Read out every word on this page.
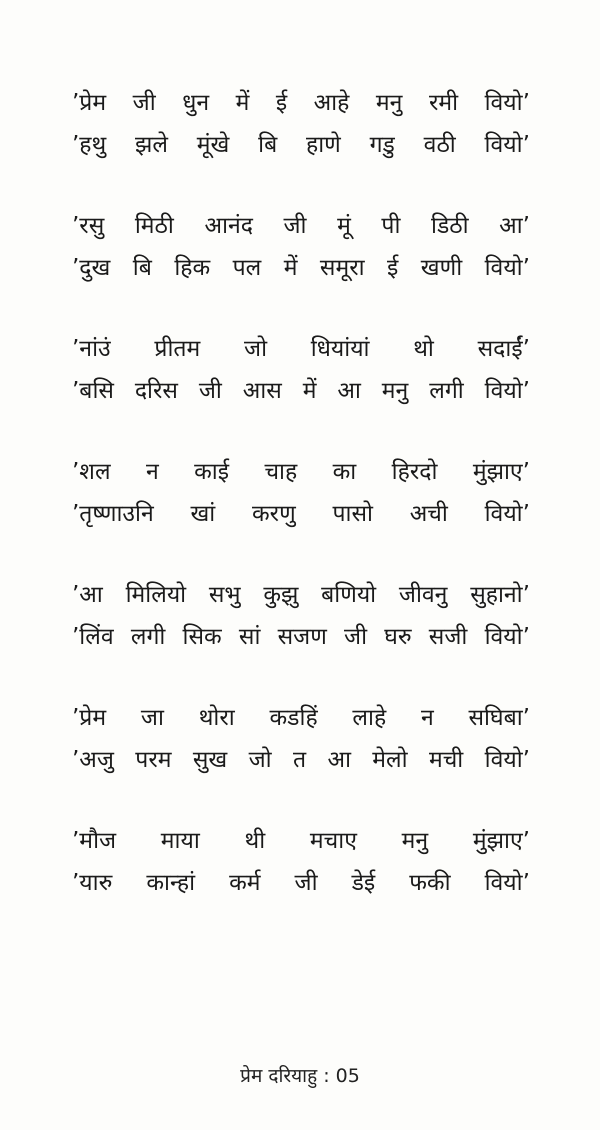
’प्रेम जी धुन में ई आहे मनु रमी वियो’
’हथु झले मूंखे बि हाणे गडु वठी वियो’
’रसु मिठी आनंद जी मूं पी डिठी आ’
’दुख बि हिक पल में समूरा ई खणी वियो’
’नांउं प्रीतम जो धियांयां थो सदाईं’
’बसि दरिस जी आस में आ मनु लगी वियो’
’शल न काई चाह का हिरदो मुंझाए’
’तृष्णाउनि खां करणु पासो अची वियो’
’आ मिलियो सभु कुझु बणियो जीवनु सुहानो’
’लिंव लगी सिक सां सजण जी घरु सजी वियो’
’प्रेम जा थोरा कडहिं लाहे न सघिबा’
’अजु परम सुख जो त आ मेलो मची वियो’
’मौज माया थी मचाए मनु मुंझाए’
’यारु कान्हां कर्म जी डेई फकी वियो’
प्रेम दरियाहु : 05
